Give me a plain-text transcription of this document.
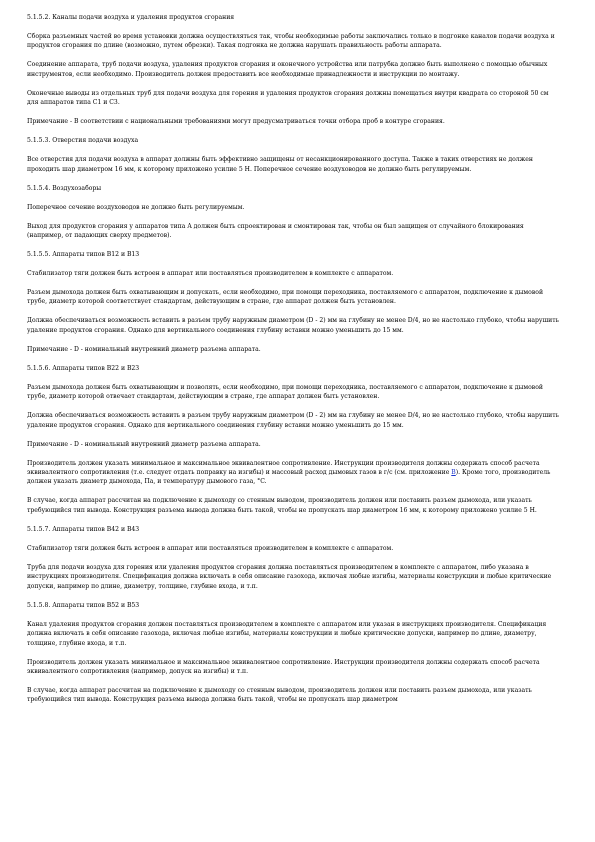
5.1.5.2. Каналы подачи воздуха и удаления продуктов сгорания

Сборка разъемных частей во время установки должна осуществляться так, чтобы необходимые работы заключались только в подгонке каналов подачи воздуха и продуктов сгорания по длине (возможно, путем обрезки). Такая подгонка не должна нарушать правильность работы аппарата.

Соединение аппарата, труб подачи воздуха, удаления продуктов сгорания и оконечного устройства или патрубка должно быть выполнено с помощью обычных инструментов, если необходимо. Производитель должен предоставить все необходимые принадлежности и инструкции по монтажу.

Оконечные выводы из отдельных труб для подачи воздуха для горения и удаления продуктов сгорания должны помещаться внутри квадрата со стороной 50 см для аппаратов типа C1 и C3.

Примечание - В соответствии с национальными требованиями могут предусматриваться точки отбора проб в контуре сгорания.

5.1.5.3. Отверстия подачи воздуха

Все отверстия для подачи воздуха в аппарат должны быть эффективно защищены от несанкционированного доступа. Также в таких отверстиях не должен проходить шар диаметром 16 мм, к которому приложено усилие 5 Н. Поперечное сечение воздуховодов не должно быть регулируемым.

5.1.5.4. Воздухозаборы

Поперечное сечение воздуховодов не должно быть регулируемым.

Выход для продуктов сгорания у аппаратов типа A должен быть спроектирован и смонтирован так, чтобы он был защищен от случайного блокирования (например, от падающих сверху предметов).

5.1.5.5. Аппараты типов B12 и B13

Стабилизатор тяги должен быть встроен в аппарат или поставляться производителем в комплекте с аппаратом.

Разъем дымохода должен быть охватывающим и допускать, если необходимо, при помощи переходника, поставляемого с аппаратом, подключение к дымовой трубе, диаметр которой соответствует стандартам, действующим в стране, где аппарат должен быть установлен.

Должна обеспечиваться возможность вставить в разъем трубу наружным диаметром (D - 2) мм на глубину не менее D/4, но не настолько глубоко, чтобы нарушить удаление продуктов сгорания. Однако для вертикального соединения глубину вставки можно уменьшить до 15 мм.

Примечание - D - номинальный внутренний диаметр разъема аппарата.

5.1.5.6. Аппараты типов B22 и B23

Разъем дымохода должен быть охватывающим и позволять, если необходимо, при помощи переходника, поставляемого с аппаратом, подключение к дымовой трубе, диаметр которой отвечает стандартам, действующим в стране, где аппарат должен быть установлен.

Должна обеспечиваться возможность вставить в разъем трубу наружным диаметром (D - 2) мм на глубину не менее D/4, но не настолько глубоко, чтобы нарушить удаление продуктов сгорания. Однако для вертикального соединения глубину вставки можно уменьшить до 15 мм.

Примечание - D - номинальный внутренний диаметр разъема аппарата.

Производитель должен указать минимальное и максимальное эквивалентное сопротивление. Инструкции производителя должны содержать способ расчета эквивалентного сопротивления (т.е. следует отдать поправку на изгибы) и массовый расход дымовых газов в г/с (см. приложение B). Кроме того, производитель должен указать диаметр дымохода, Па, и температуру дымового газа, °C.

В случае, когда аппарат рассчитан на подключение к дымоходу со стенным выводом, производитель должен или поставить разъем дымохода, или указать требующийся тип вывода. Конструкция разъема вывода должна быть такой, чтобы не пропускать шар диаметром 16 мм, к которому приложено усилие 5 Н.

5.1.5.7. Аппараты типов B42 и B43

Стабилизатор тяги должен быть встроен в аппарат или поставляться производителем в комплекте с аппаратом.

Труба для подачи воздуха для горения или удаления продуктов сгорания должна поставляться производителем в комплекте с аппаратом, либо указана в инструкциях производителя. Спецификация должна включать в себя описание газохода, включая любые изгибы, материалы конструкции и любые критические допуски, например по длине, диаметру, толщине, глубине входа, и т.п.

5.1.5.8. Аппараты типов B52 и B53

Канал удаления продуктов сгорания должен поставляться производителем в комплекте с аппаратом или указан в инструкциях производителя. Спецификация должна включать в себя описание газохода, включая любые изгибы, материалы конструкции и любые критические допуски, например по длине, диаметру, толщине, глубине входа, и т.п.

Производитель должен указать минимальное и максимальное эквивалентное сопротивление. Инструкции производителя должны содержать способ расчета эквивалентного сопротивления (например, допуск на изгибы) и т.п.

В случае, когда аппарат рассчитан на подключение к дымоходу со стенным выводом, производитель должен или поставить разъем дымохода, или указать требующийся тип вывода. Конструкция разъема вывода должна быть такой, чтобы не пропускать шар диаметром
